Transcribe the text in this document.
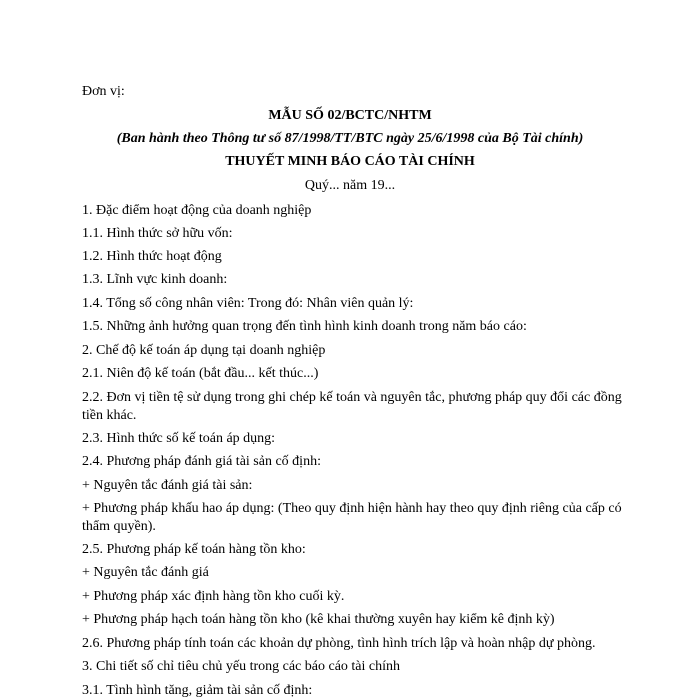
Đơn vị:
MẪU SỐ 02/BCTC/NHTM
(Ban hành theo Thông tư số 87/1998/TT/BTC ngày 25/6/1998 của Bộ Tài chính)
THUYẾT MINH BÁO CÁO TÀI CHÍNH
Quý... năm 19...
1. Đặc điểm hoạt động của doanh nghiệp
1.1. Hình thức sở hữu vốn:
1.2. Hình thức hoạt động
1.3. Lĩnh vực kinh doanh:
1.4. Tổng số công nhân viên: Trong đó: Nhân viên quản lý:
1.5. Những ảnh hưởng quan trọng đến tình hình kinh doanh trong năm báo cáo:
2. Chế độ kế toán áp dụng tại doanh nghiệp
2.1. Niên độ kế toán (bắt đầu... kết thúc...)
2.2. Đơn vị tiền tệ sử dụng trong ghi chép kế toán và nguyên tắc, phương pháp quy đổi các đồng tiền khác.
2.3. Hình thức số kế toán áp dụng:
2.4. Phương pháp đánh giá tài sản cố định:
+ Nguyên tắc đánh giá tài sản:
+ Phương pháp khấu hao áp dụng: (Theo quy định hiện hành hay theo quy định riêng của cấp có thẩm quyền).
2.5. Phương pháp kế toán hàng tồn kho:
+ Nguyên tắc đánh giá
+ Phương pháp xác định hàng tồn kho cuối kỳ.
+ Phương pháp hạch toán hàng tồn kho (kê khai thường xuyên hay kiểm kê định kỳ)
2.6. Phương pháp tính toán các khoản dự phòng, tình hình trích lập và hoàn nhập dự phòng.
3. Chi tiết số chỉ tiêu chủ yếu trong các báo cáo tài chính
3.1. Tình hình tăng, giảm tài sản cố định:
